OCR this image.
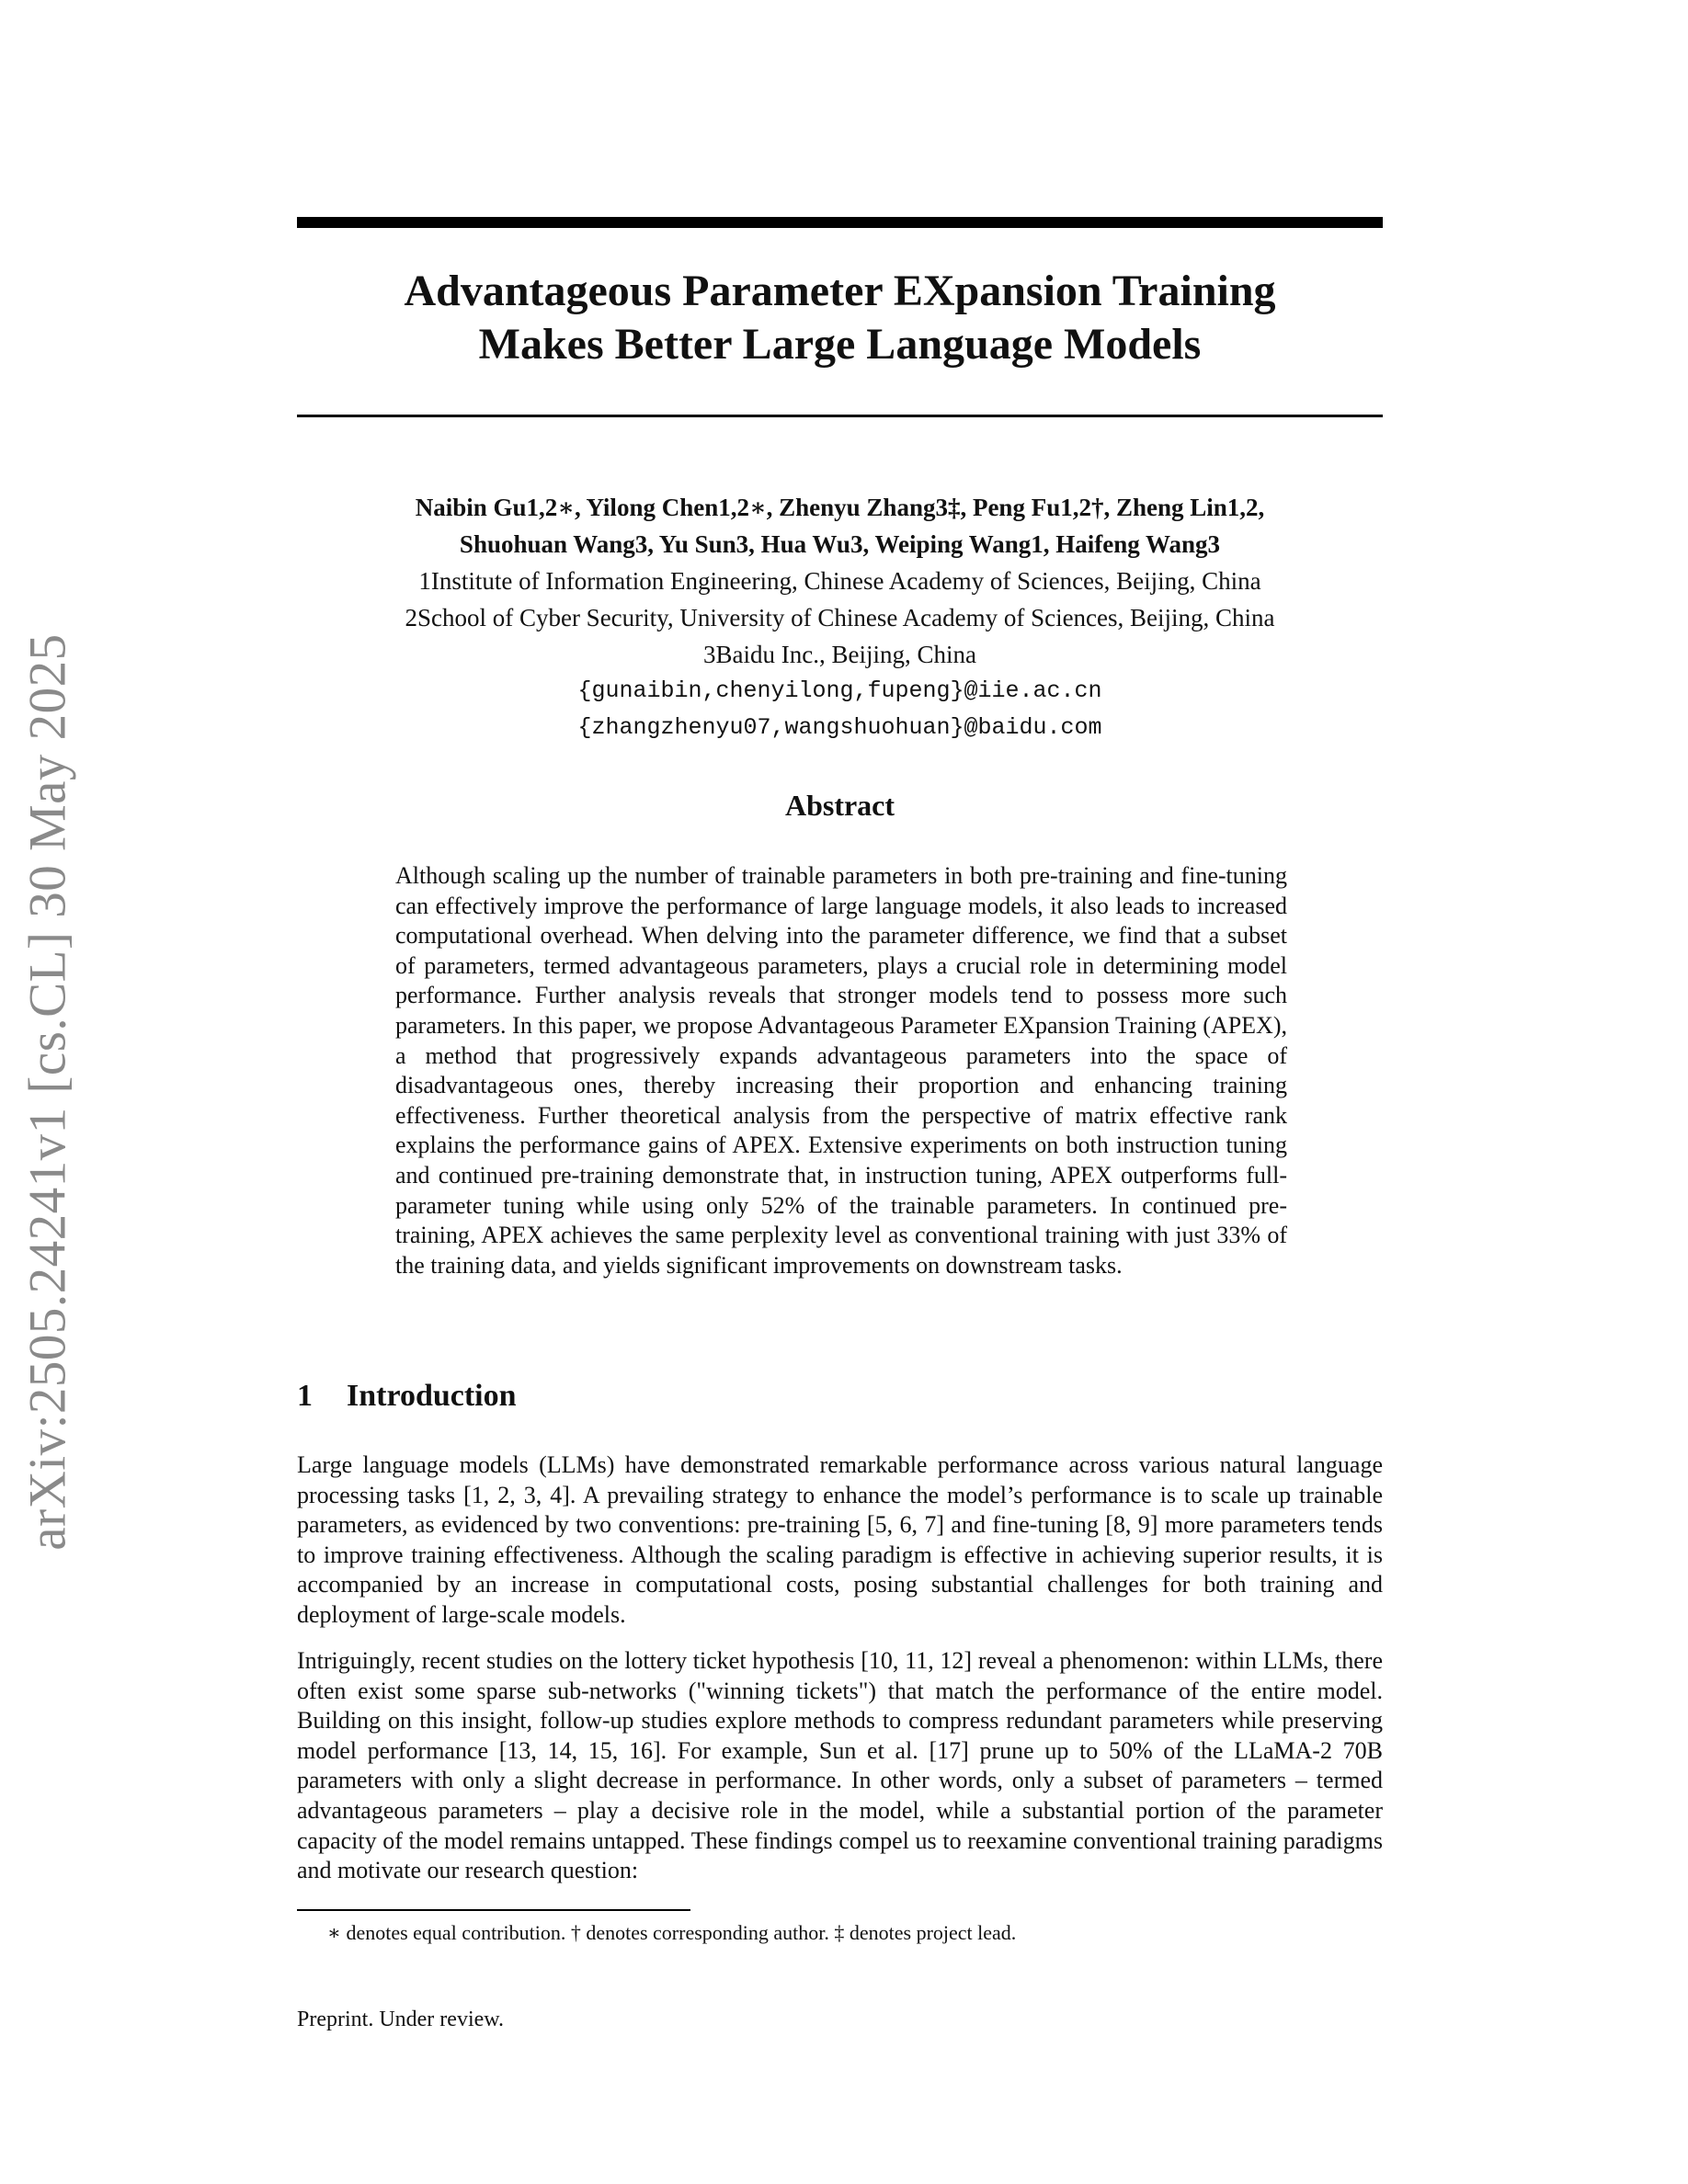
arXiv:2505.24241v1 [cs.CL] 30 May 2025
Advantageous Parameter EXpansion Training
Makes Better Large Language Models
Naibin Gu1,2∗, Yilong Chen1,2∗, Zhenyu Zhang3‡, Peng Fu1,2†, Zheng Lin1,2,
Shuohuan Wang3, Yu Sun3, Hua Wu3, Weiping Wang1, Haifeng Wang3
1Institute of Information Engineering, Chinese Academy of Sciences, Beijing, China
2School of Cyber Security, University of Chinese Academy of Sciences, Beijing, China
3Baidu Inc., Beijing, China
{gunaibin,chenyilong,fupeng}@iie.ac.cn
{zhangzhenyu07,wangshuohuan}@baidu.com
Abstract

Although scaling up the number of trainable parameters in both pre-training and fine-tuning can effectively improve the performance of large language models, it also leads to increased computational overhead. When delving into the parameter difference, we find that a subset of parameters, termed advantageous parameters, plays a crucial role in determining model performance. Further analysis reveals that stronger models tend to possess more such parameters. In this paper, we propose Advantageous Parameter EXpansion Training (APEX), a method that progressively expands advantageous parameters into the space of disadvantageous ones, thereby increasing their proportion and enhancing training effectiveness. Further theoretical analysis from the perspective of matrix effective rank explains the performance gains of APEX. Extensive experiments on both instruction tuning and continued pre-training demonstrate that, in instruction tuning, APEX outperforms full-parameter tuning while using only 52% of the trainable parameters. In continued pre-training, APEX achieves the same perplexity level as conventional training with just 33% of the training data, and yields significant improvements on downstream tasks.

1 Introduction

Large language models (LLMs) have demonstrated remarkable performance across various natural language processing tasks [1, 2, 3, 4]. A prevailing strategy to enhance the model’s performance is to scale up trainable parameters, as evidenced by two conventions: pre-training [5, 6, 7] and fine-tuning [8, 9] more parameters tends to improve training effectiveness. Although the scaling paradigm is effective in achieving superior results, it is accompanied by an increase in computational costs, posing substantial challenges for both training and deployment of large-scale models.

Intriguingly, recent studies on the lottery ticket hypothesis [10, 11, 12] reveal a phenomenon: within LLMs, there often exist some sparse sub-networks ("winning tickets") that match the performance of the entire model. Building on this insight, follow-up studies explore methods to compress redundant parameters while preserving model performance [13, 14, 15, 16]. For example, Sun et al. [17] prune up to 50% of the LLaMA-2 70B parameters with only a slight decrease in performance. In other words, only a subset of parameters – termed advantageous parameters – play a decisive role in the model, while a substantial portion of the parameter capacity of the model remains untapped. These findings compel us to reexamine conventional training paradigms and motivate our research question:

∗ denotes equal contribution. † denotes corresponding author. ‡ denotes project lead.
Preprint. Under review.
